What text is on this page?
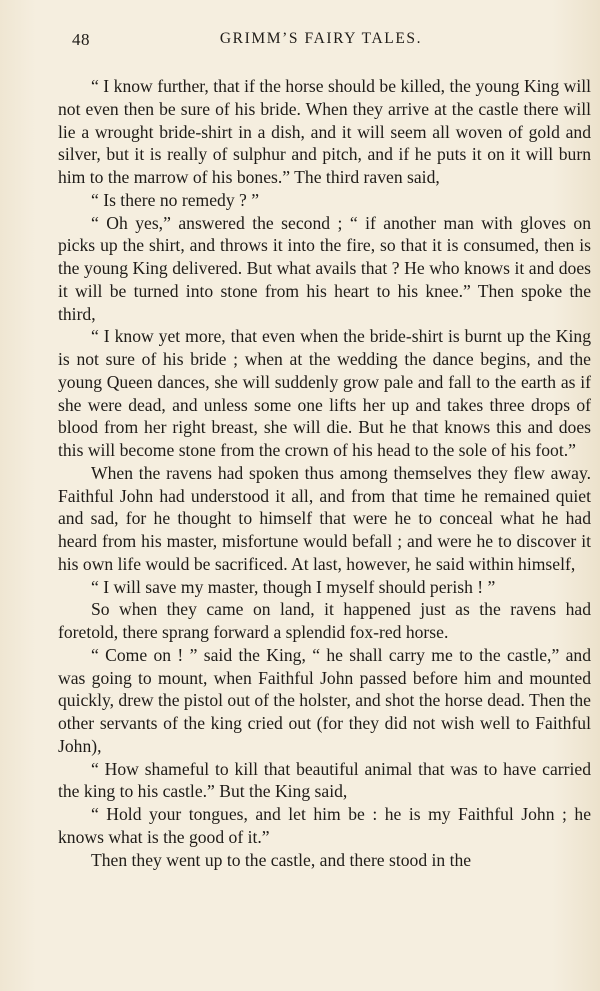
48	GRIMM’S FAIRY TALES.

“ I know further, that if the horse should be killed, the young King will not even then be sure of his bride. When they arrive at the castle there will lie a wrought bride-shirt in a dish, and it will seem all woven of gold and silver, but it is really of sulphur and pitch, and if he puts it on it will burn him to the marrow of his bones.” The third raven said,

“ Is there no remedy ? ”

“ Oh yes,” answered the second ; “ if another man with gloves on picks up the shirt, and throws it into the fire, so that it is consumed, then is the young King delivered. But what avails that ? He who knows it and does it will be turned into stone from his heart to his knee.” Then spoke the third,

“ I know yet more, that even when the bride-shirt is burnt up the King is not sure of his bride ; when at the wedding the dance begins, and the young Queen dances, she will suddenly grow pale and fall to the earth as if she were dead, and unless some one lifts her up and takes three drops of blood from her right breast, she will die. But he that knows this and does this will become stone from the crown of his head to the sole of his foot.”

When the ravens had spoken thus among themselves they flew away. Faithful John had understood it all, and from that time he remained quiet and sad, for he thought to himself that were he to conceal what he had heard from his master, misfortune would befall ; and were he to discover it his own life would be sacrificed. At last, however, he said within himself,

“ I will save my master, though I myself should perish ! ”

So when they came on land, it happened just as the ravens had foretold, there sprang forward a splendid fox-red horse.

“ Come on ! ” said the King, “ he shall carry me to the castle,” and was going to mount, when Faithful John passed before him and mounted quickly, drew the pistol out of the holster, and shot the horse dead. Then the other servants of the king cried out (for they did not wish well to Faithful John),

“ How shameful to kill that beautiful animal that was to have carried the king to his castle.” But the King said,

“ Hold your tongues, and let him be : he is my Faithful John ; he knows what is the good of it.”

Then they went up to the castle, and there stood in the
